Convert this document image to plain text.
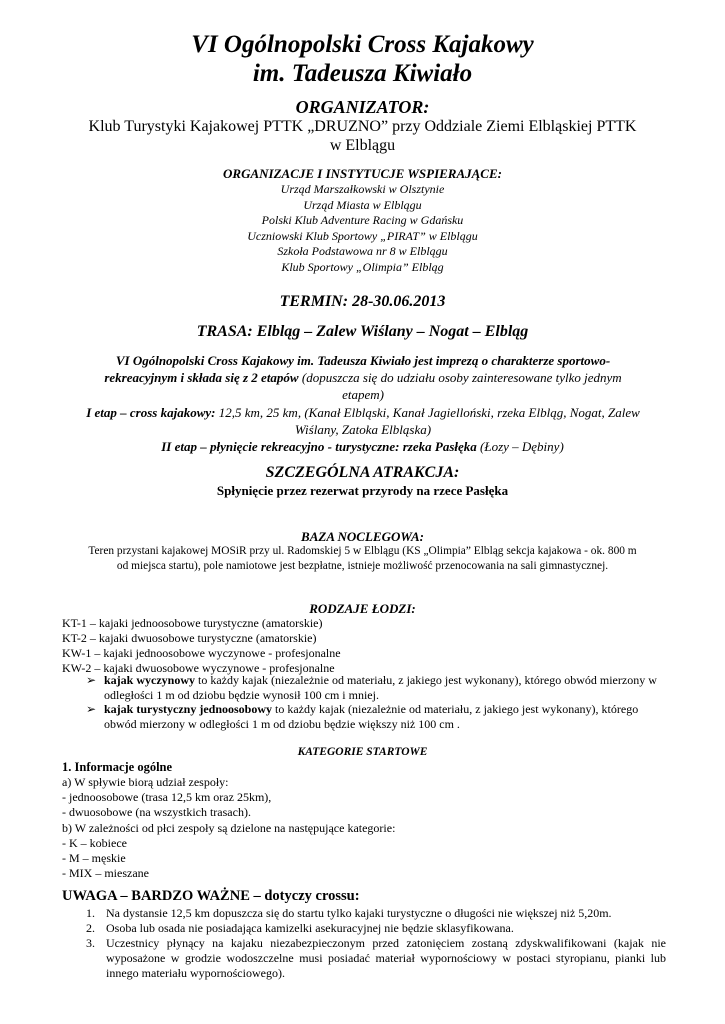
VI Ogólnopolski Cross Kajakowy
im. Tadeusza Kiwiało
ORGANIZATOR:
Klub Turystyki Kajakowej PTTK „DRUZNO” przy Oddziale Ziemi Elbląskiej PTTK
w Elblągu
ORGANIZACJE I INSTYTUCJE WSPIERAJĄCE:
Urząd Marszałkowski w Olsztynie
Urząd Miasta w Elblągu
Polski Klub Adventure Racing w Gdańsku
Uczniowski Klub Sportowy „PIRAT” w Elblągu
Szkoła Podstawowa nr 8 w Elblągu
Klub Sportowy „Olimpia” Elbląg
TERMIN: 28-30.06.2013
TRASA: Elbląg – Zalew Wiślany – Nogat – Elbląg
VI Ogólnopolski Cross Kajakowy im. Tadeusza Kiwiało jest imprezą o charakterze sportowo-rekreacyjnym i składa się z 2 etapów (dopuszcza się do udziału osoby zainteresowane tylko jednym etapem)
I etap – cross kajakowy: 12,5 km, 25 km, (Kanał Elbląski, Kanał Jagielloński, rzeka Elbląg, Nogat, Zalew Wiślany, Zatoka Elbląska)
II etap – płynięcie rekreacyjno - turystyczne: rzeka Pasłęka (Łozy – Dębiny)
SZCZEGÓLNA ATRAKCJA:
Spłynięcie przez rezerwat przyrody na rzece Pasłęka
BAZA NOCLEGOWA:
Teren przystani kajakowej MOSiR przy ul. Radomskiej 5 w Elblągu (KS „Olimpia” Elbląg sekcja kajakowa - ok. 800 m
od miejsca startu), pole namiotowe jest bezpłatne, istnieje możliwość przenocowania na sali gimnastycznej.
RODZAJE ŁODZI:
KT-1 – kajaki jednoosobowe turystyczne (amatorskie)
KT-2 – kajaki dwuosobowe turystyczne (amatorskie)
KW-1 – kajaki jednoosobowe wyczynowe - profesjonalne
KW-2 – kajaki dwuosobowe wyczynowe - profesjonalne
➢ kajak wyczynowy to każdy kajak (niezależnie od materiału, z jakiego jest wykonany), którego obwód mierzony w odległości 1 m od dziobu będzie wynosił 100 cm i mniej.
➢ kajak turystyczny jednoosobowy to każdy kajak (niezależnie od materiału, z jakiego jest wykonany), którego obwód mierzony w odległości 1 m od dziobu będzie większy niż 100 cm .
KATEGORIE STARTOWE
1. Informacje ogólne
a) W spływie biorą udział zespoły:
- jednoosobowe (trasa 12,5 km oraz 25km),
- dwuosobowe (na wszystkich trasach).
b) W zależności od płci zespoły są dzielone na następujące kategorie:
- K – kobiece
- M – męskie
- MIX – mieszane
UWAGA – BARDZO WAŻNE – dotyczy crossu:
1. Na dystansie 12,5 km dopuszcza się do startu tylko kajaki turystyczne o długości nie większej niż 5,20m.
2. Osoba lub osada nie posiadająca kamizelki asekuracyjnej nie będzie sklasyfikowana.
3. Uczestnicy płynący na kajaku niezabezpieczonym przed zatonięciem zostaną zdyskwalifikowani (kajak nie wyposażone w grodzie wodoszczelne musi posiadać materiał wypornościowy w postaci styropianu, pianki lub innego materiału wypornościowego).
